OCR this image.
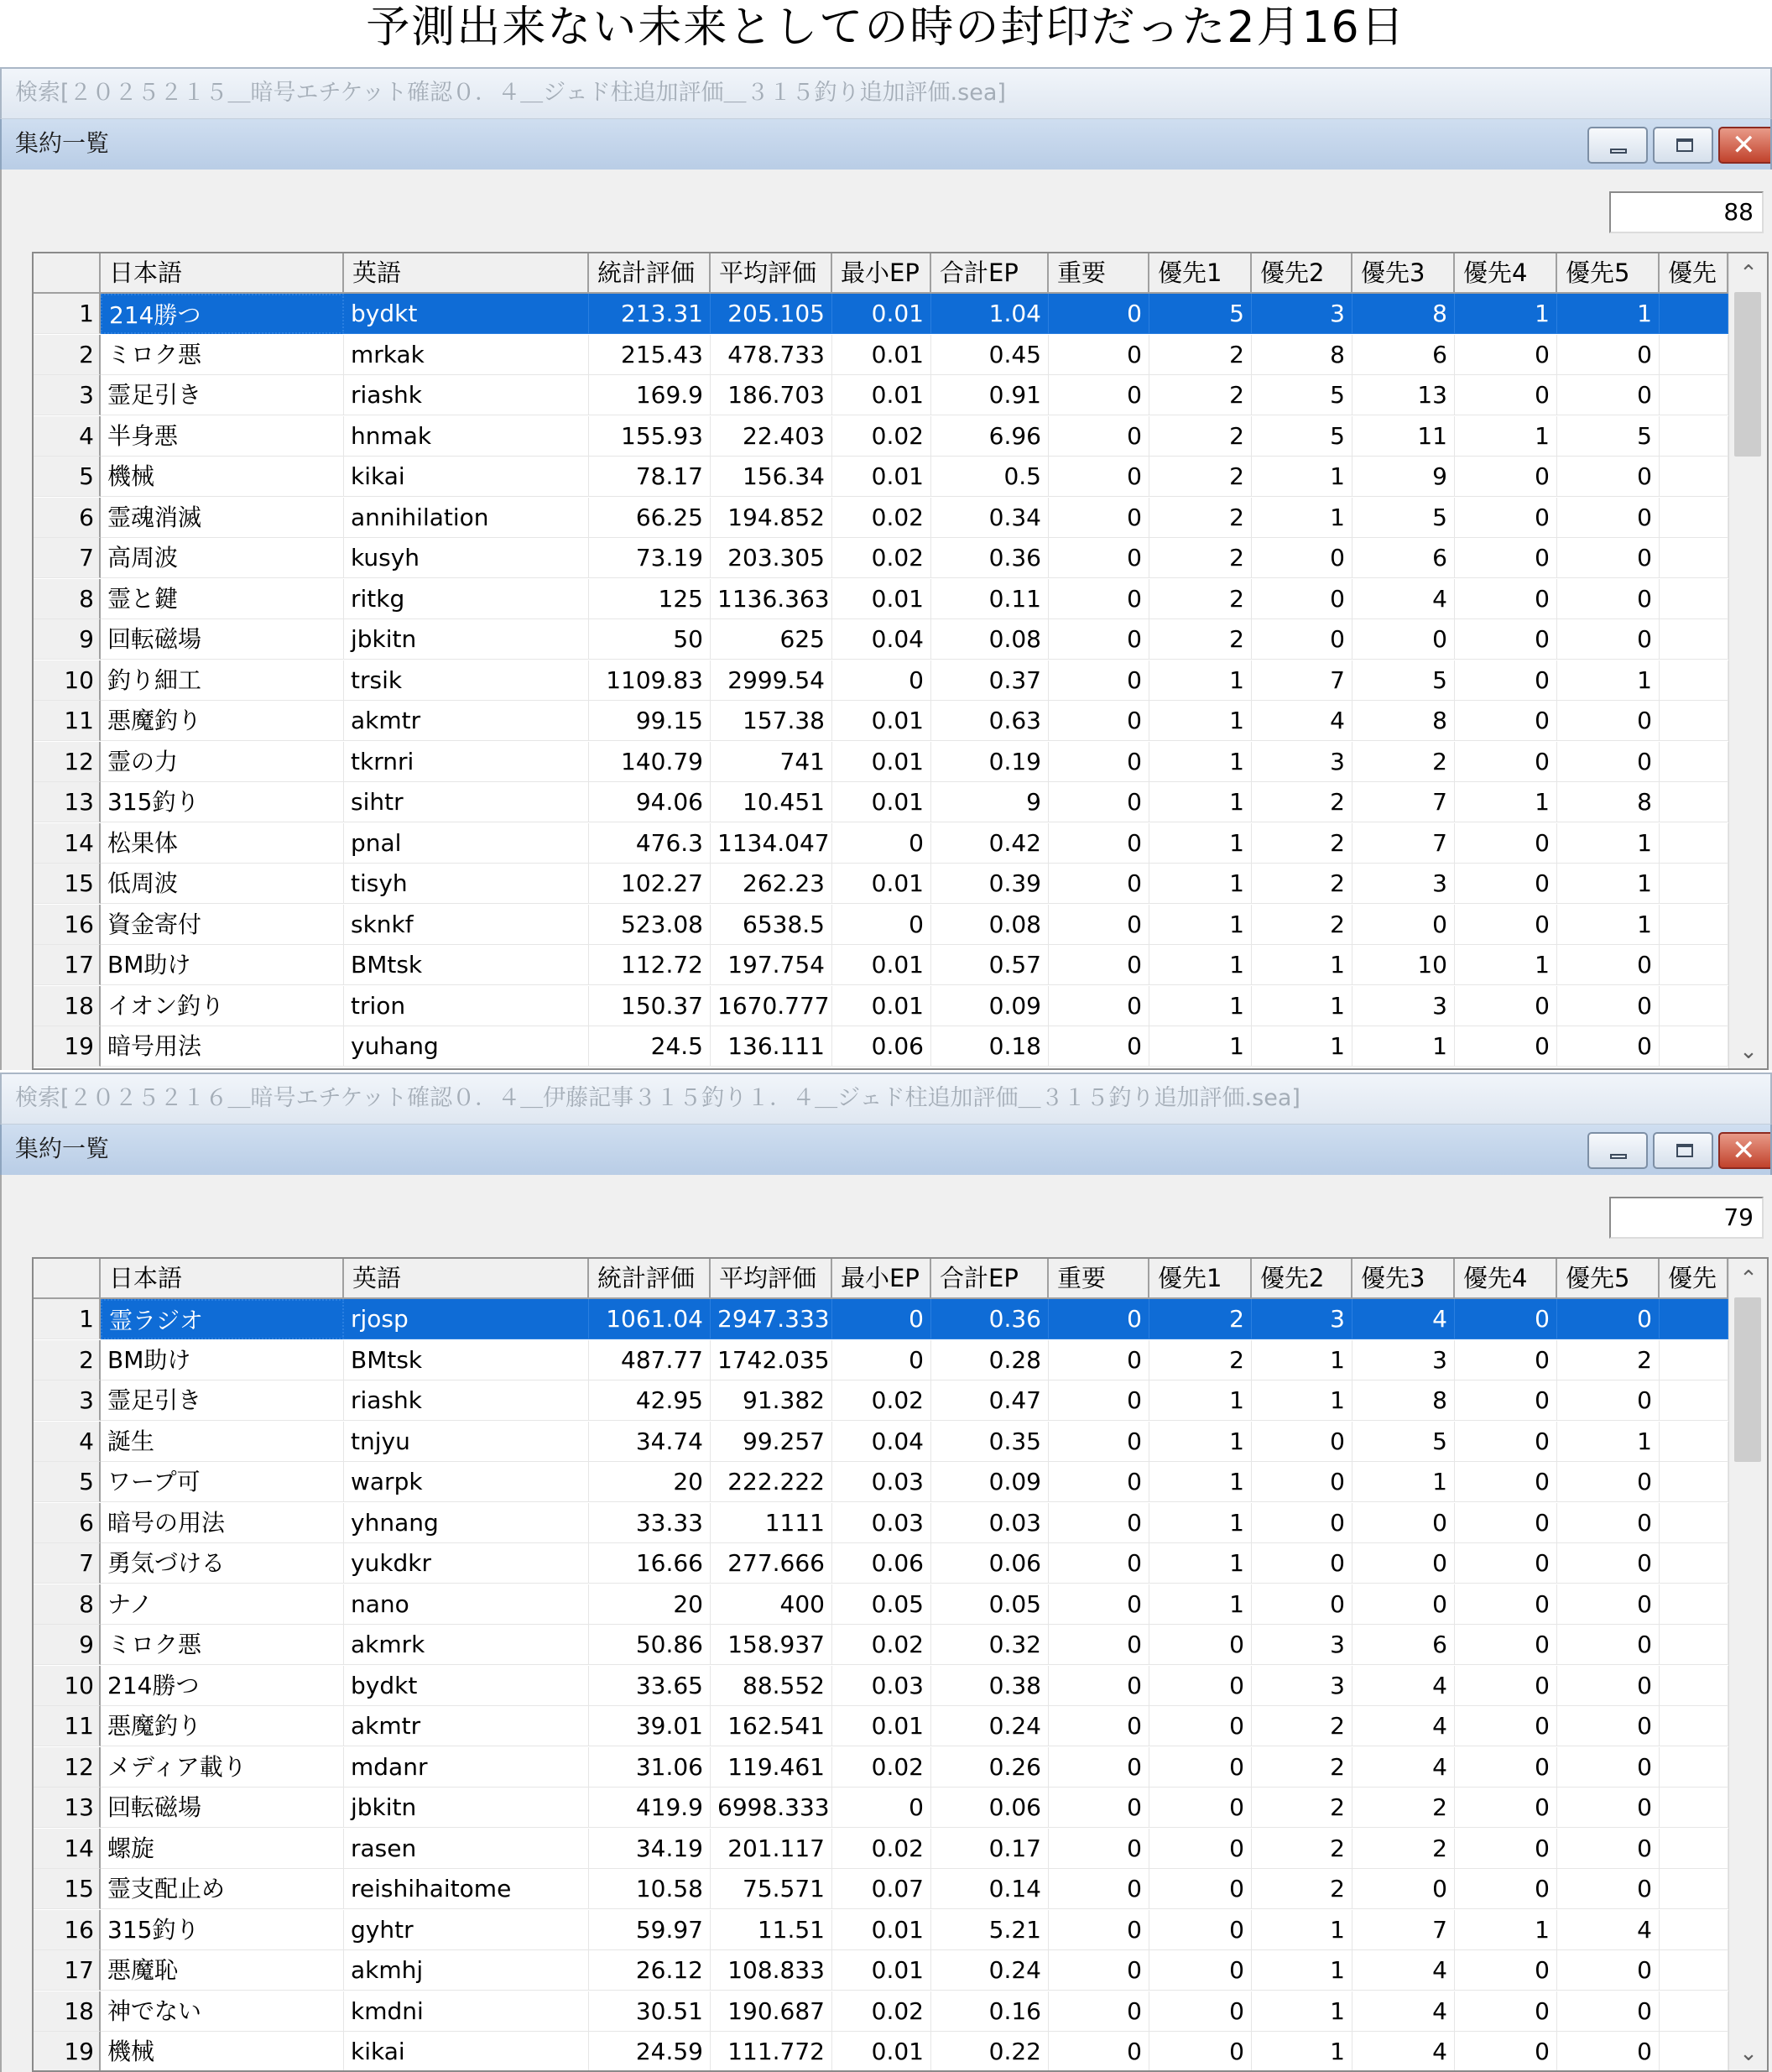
予測出来ない未来としての時の封印だった2月16日
検索[２０２５２１５＿暗号エチケット確認０．４＿ジェド柱追加評価＿３１５釣り追加評価.sea]
集約一覧	✕
88
日本語	英語	統計評価 平均評価 最小EP 合計EP	重要	優先1	優先2	優先3	優先4	優先5	優先
1 214勝つ	bydkt	213.31	205.105	0.01	1.04	0	5	3	8	1	1
2 ミロク悪	mrkak	215.43	478.733	0.01	0.45	0	2	8	6	0	0
3 霊足引き	riashk	169.9	186.703	0.01	0.91	0	2	5	13	0	0
4 半身悪	hnmak	155.93	22.403	0.02	6.96	0	2	5	11	1	5
5 機械	kikai	78.17	156.34	0.01	0.5	0	2	1	9	0	0
6 霊魂消滅	annihilation	66.25	194.852	0.02	0.34	0	2	1	5	0	0
7 高周波	kusyh	73.19	203.305	0.02	0.36	0	2	0	6	0	0
8 霊と鍵	ritkg	125 1136.363	0.01	0.11	0	2	0	4	0	0
9 回転磁場	jbkitn	50	625	0.04	0.08	0	2	0	0	0	0
10 釣り細工	trsik	1109.83	2999.54	0	0.37	0	1	7	5	0	1
11 悪魔釣り	akmtr	99.15	157.38	0.01	0.63	0	1	4	8	0	0
12 霊の力	tkrnri	140.79	741	0.01	0.19	0	1	3	2	0	0
13 315釣り	sihtr	94.06	10.451	0.01	9	0	1	2	7	1	8
14 松果体	pnal	476.3 1134.047	0	0.42	0	1	2	7	0	1
15 低周波	tisyh	102.27	262.23	0.01	0.39	0	1	2	3	0	1
16 資金寄付	sknkf	523.08	6538.5	0	0.08	0	1	2	0	0	1
17 BM助け	BMtsk	112.72	197.754	0.01	0.57	0	1	1	10	1	0
18 イオン釣り	trion	150.37 1670.777	0.01	0.09	0	1	1	3	0	0
19 暗号用法	yuhang	24.5	136.111	0.06	0.18	0	1	1	1	0	0
⌃
⌄
検索[２０２５２１６＿暗号エチケット確認０．４＿伊藤記事３１５釣り１．４＿ジェド柱追加評価＿３１５釣り追加評価.sea]
集約一覧	✕
79
日本語	英語	統計評価 平均評価 最小EP 合計EP	重要	優先1	優先2	優先3	優先4	優先5	優先
1 霊ラジオ	rjosp	1061.04 2947.333	0	0.36	0	2	3	4	0	0
2 BM助け	BMtsk	487.77 1742.035	0	0.28	0	2	1	3	0	2
3 霊足引き	riashk	42.95	91.382	0.02	0.47	0	1	1	8	0	0
4 誕生	tnjyu	34.74	99.257	0.04	0.35	0	1	0	5	0	1
5 ワープ可	warpk	20	222.222	0.03	0.09	0	1	0	1	0	0
6 暗号の用法	yhnang	33.33	1111	0.03	0.03	0	1	0	0	0	0
7 勇気づける	yukdkr	16.66	277.666	0.06	0.06	0	1	0	0	0	0
8 ナノ	nano	20	400	0.05	0.05	0	1	0	0	0	0
9 ミロク悪	akmrk	50.86	158.937	0.02	0.32	0	0	3	6	0	0
10 214勝つ	bydkt	33.65	88.552	0.03	0.38	0	0	3	4	0	0
11 悪魔釣り	akmtr	39.01	162.541	0.01	0.24	0	0	2	4	0	0
12 メディア載り	mdanr	31.06	119.461	0.02	0.26	0	0	2	4	0	0
13 回転磁場	jbkitn	419.9 6998.333	0	0.06	0	0	2	2	0	0
14 螺旋	rasen	34.19	201.117	0.02	0.17	0	0	2	2	0	0
15 霊支配止め	reishihaitome	10.58	75.571	0.07	0.14	0	0	2	0	0	0
16 315釣り	gyhtr	59.97	11.51	0.01	5.21	0	0	1	7	1	4
17 悪魔恥	akmhj	26.12	108.833	0.01	0.24	0	0	1	4	0	0
18 神でない	kmdni	30.51	190.687	0.02	0.16	0	0	1	4	0	0
19 機械	kikai	24.59	111.772	0.01	0.22	0	0	1	4	0	0
⌃
⌄
